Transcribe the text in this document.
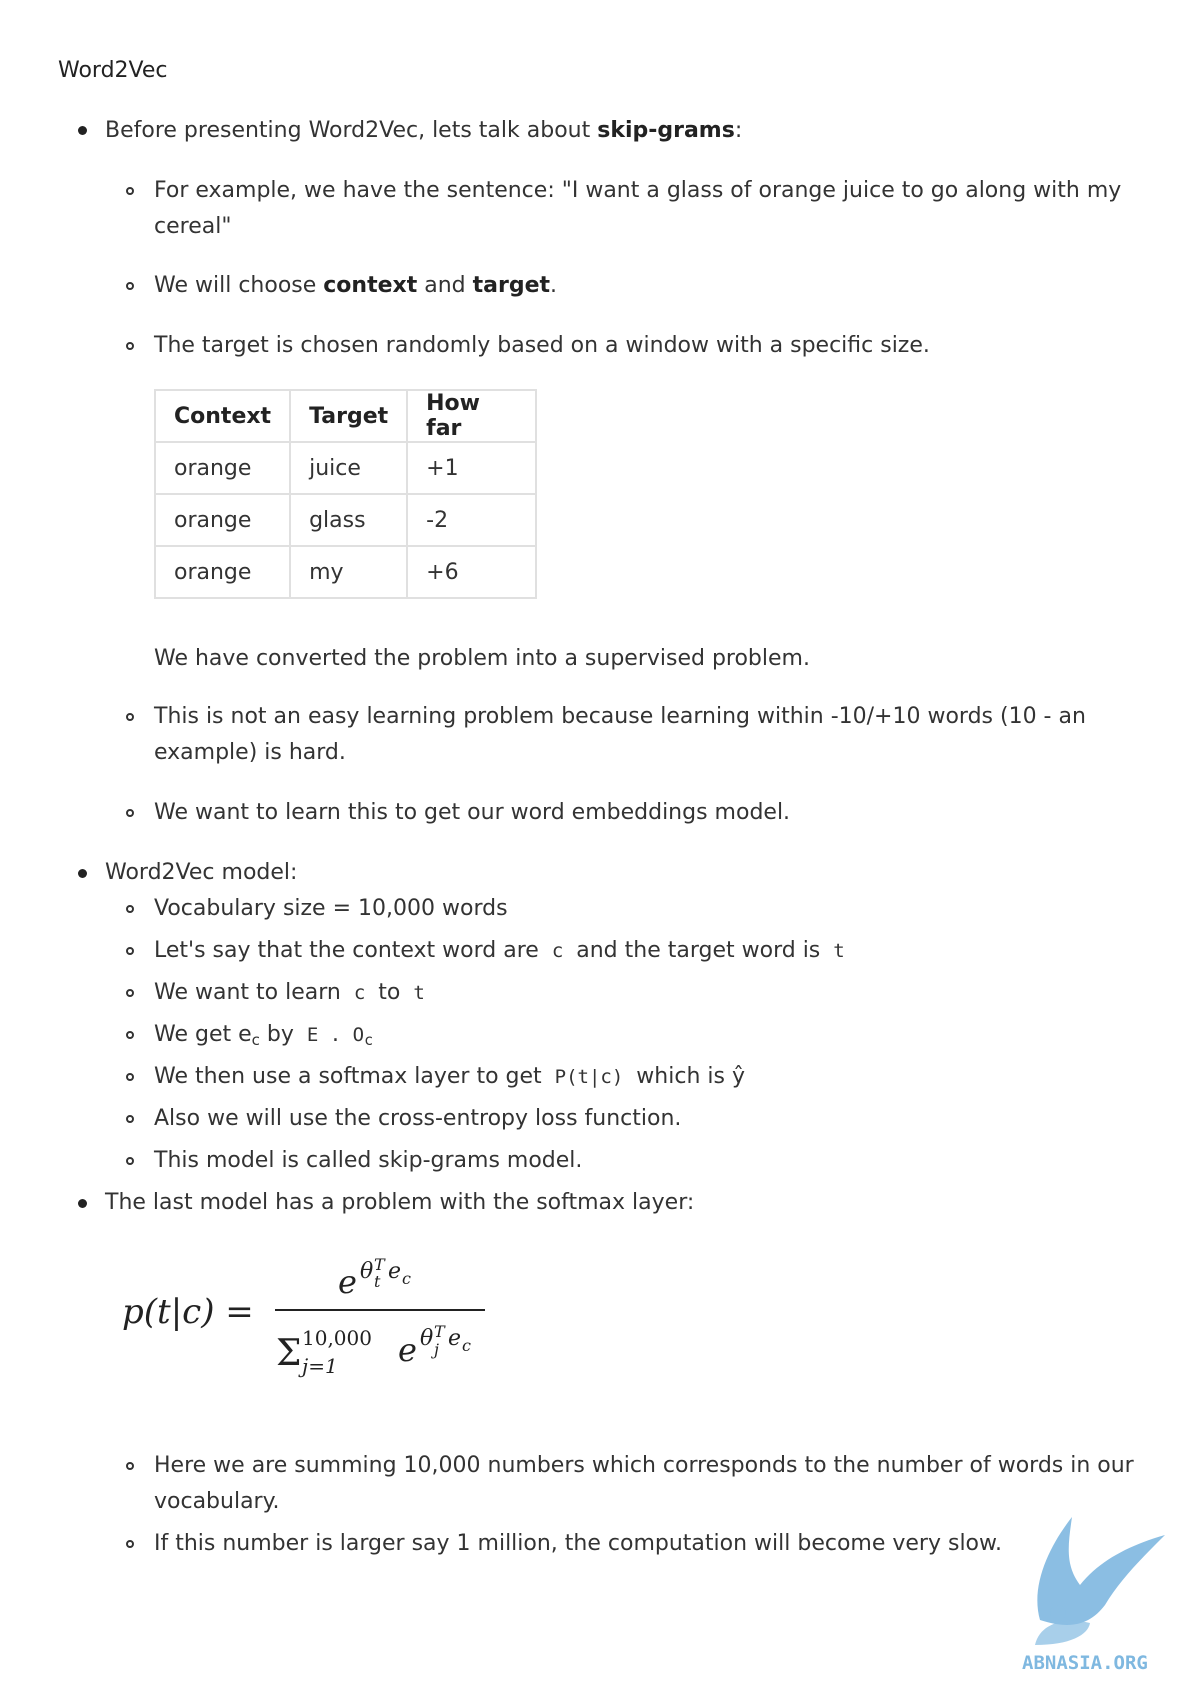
Word2Vec
Before presenting Word2Vec, lets talk about skip-grams:
For example, we have the sentence: "I want a glass of orange juice to go along with my
cereal"
We will choose context and target.
The target is chosen randomly based on a window with a specific size.
Context	Target	How far
orange	juice	+1
orange	glass	-2
orange	my	+6
We have converted the problem into a supervised problem.
This is not an easy learning problem because learning within -10/+10 words (10 - an
example) is hard.
We want to learn this to get our word embeddings model.
Word2Vec model:
Vocabulary size = 10,000 words
Let's say that the context word are c and the target word is t
We want to learn c to t
We get $e_c$ by E . $O_c$
We then use a softmax layer to get P(t|c) which is ŷ
Also we will use the cross-entropy loss function.
This model is called skip-grams model.
The last model has a problem with the softmax layer:
p(t|c) =
e θ T
t e c
Σ 10,000
j=1 e θ T
j e c
Here we are summing 10,000 numbers which corresponds to the number of words in our
vocabulary.
If this number is larger say 1 million, the computation will become very slow.
ABNASIA.ORG
